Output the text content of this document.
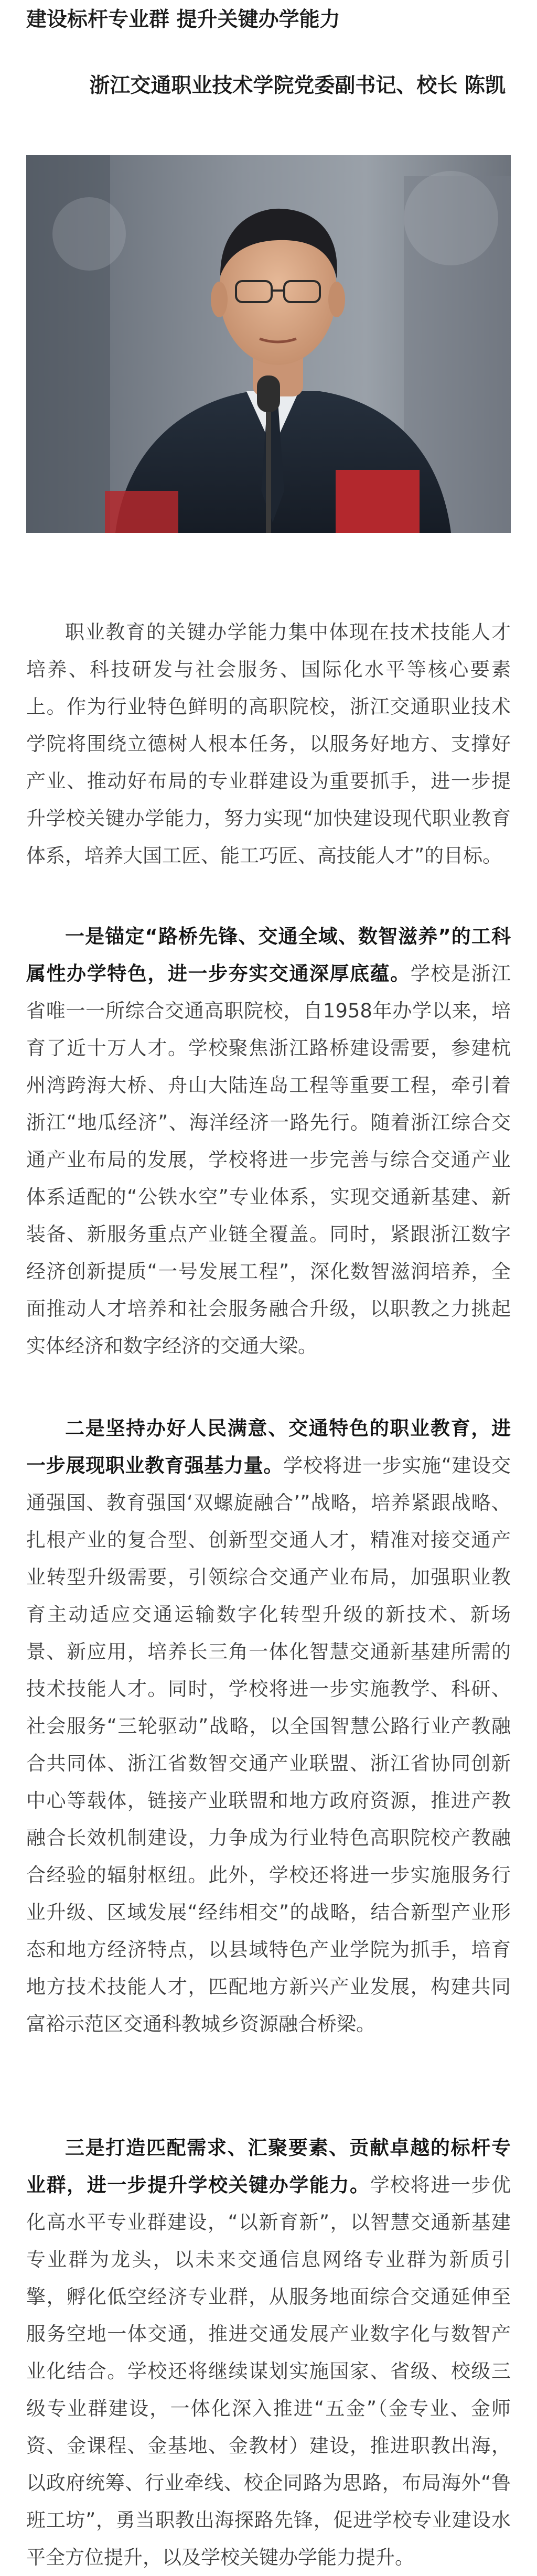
建设标杆专业群 提升关键办学能力

浙江交通职业技术学院党委副书记、校长 陈凯

职业教育的关键办学能力集中体现在技术技能人才培养、科技研发与社会服务、国际化水平等核心要素上。作为行业特色鲜明的高职院校，浙江交通职业技术学院将围绕立德树人根本任务，以服务好地方、支撑好产业、推动好布局的专业群建设为重要抓手，进一步提升学校关键办学能力，努力实现“加快建设现代职业教育体系，培养大国工匠、能工巧匠、高技能人才”的目标。

一是锚定“路桥先锋、交通全域、数智滋养”的工科属性办学特色，进一步夯实交通深厚底蕴。学校是浙江省唯一一所综合交通高职院校，自1958年办学以来，培育了近十万人才。学校聚焦浙江路桥建设需要，参建杭州湾跨海大桥、舟山大陆连岛工程等重要工程，牵引着浙江“地瓜经济”、海洋经济一路先行。随着浙江综合交通产业布局的发展，学校将进一步完善与综合交通产业体系适配的“公铁水空”专业体系，实现交通新基建、新装备、新服务重点产业链全覆盖。同时，紧跟浙江数字经济创新提质“一号发展工程”，深化数智滋润培养，全面推动人才培养和社会服务融合升级，以职教之力挑起实体经济和数字经济的交通大梁。

二是坚持办好人民满意、交通特色的职业教育，进一步展现职业教育强基力量。学校将进一步实施“建设交通强国、教育强国‘双螺旋融合’”战略，培养紧跟战略、扎根产业的复合型、创新型交通人才，精准对接交通产业转型升级需要，引领综合交通产业布局，加强职业教育主动适应交通运输数字化转型升级的新技术、新场景、新应用，培养长三角一体化智慧交通新基建所需的技术技能人才。同时，学校将进一步实施教学、科研、社会服务“三轮驱动”战略，以全国智慧公路行业产教融合共同体、浙江省数智交通产业联盟、浙江省协同创新中心等载体，链接产业联盟和地方政府资源，推进产教融合长效机制建设，力争成为行业特色高职院校产教融合经验的辐射枢纽。此外，学校还将进一步实施服务行业升级、区域发展“经纬相交”的战略，结合新型产业形态和地方经济特点，以县域特色产业学院为抓手，培育地方技术技能人才，匹配地方新兴产业发展，构建共同富裕示范区交通科教城乡资源融合桥梁。

三是打造匹配需求、汇聚要素、贡献卓越的标杆专业群，进一步提升学校关键办学能力。学校将进一步优化高水平专业群建设，“以新育新”，以智慧交通新基建专业群为龙头，以未来交通信息网络专业群为新质引擎，孵化低空经济专业群，从服务地面综合交通延伸至服务空地一体交通，推进交通发展产业数字化与数智产业化结合。学校还将继续谋划实施国家、省级、校级三级专业群建设，一体化深入推进“五金”（金专业、金师资、金课程、金基地、金教材）建设，推进职教出海，以政府统筹、行业牵线、校企同路为思路，布局海外“鲁班工坊”，勇当职教出海探路先锋，促进学校专业建设水平全方位提升，以及学校关键办学能力提升。
